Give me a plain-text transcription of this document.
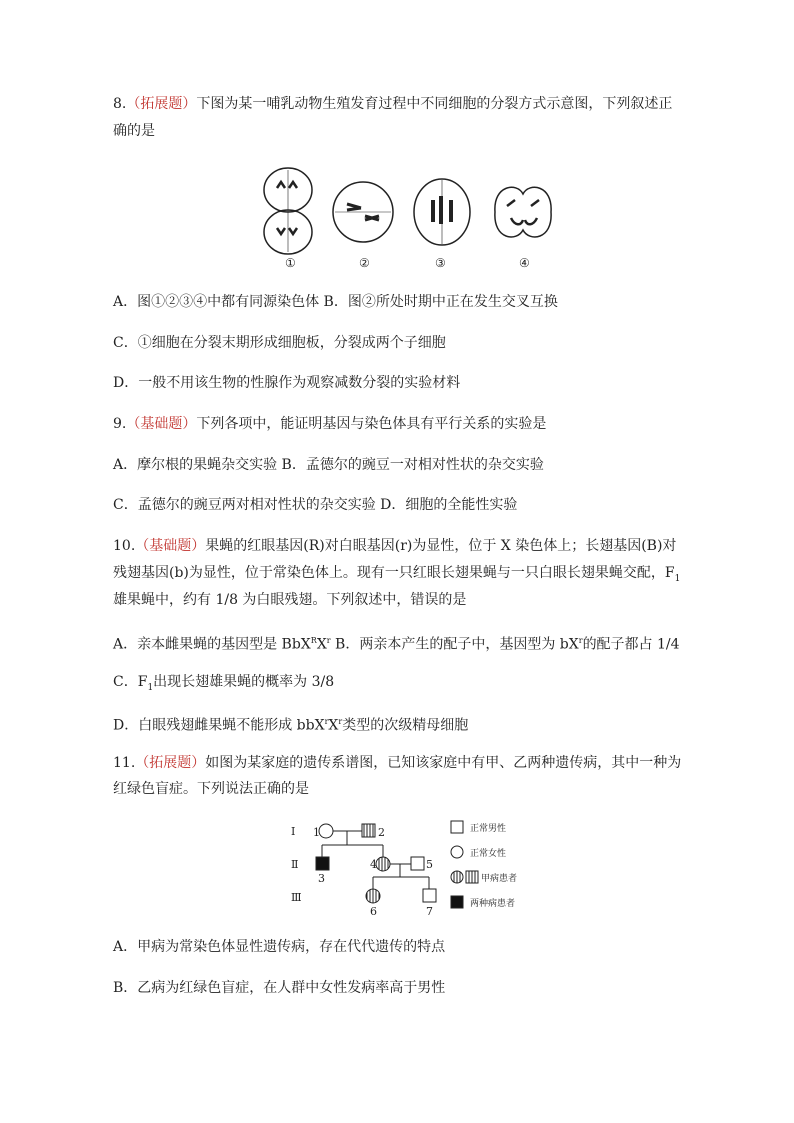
8.（拓展题）下图为某一哺乳动物生殖发育过程中不同细胞的分裂方式示意图，下列叙述正
确的是
①	②	③	④
A．图①②③④中都有同源染色体 B．图②所处时期中正在发生交叉互换
C．①细胞在分裂末期形成细胞板，分裂成两个子细胞
D．一般不用该生物的性腺作为观察减数分裂的实验材料
9.（基础题）下列各项中，能证明基因与染色体具有平行关系的实验是
A．摩尔根的果蝇杂交实验 B．孟德尔的豌豆一对相对性状的杂交实验
C．孟德尔的豌豆两对相对性状的杂交实验 D．细胞的全能性实验
10.（基础题）果蝇的红眼基因(R)对白眼基因(r)为显性，位于 X 染色体上；长翅基因(B)对
残翅基因(b)为显性，位于常染色体上。现有一只红眼长翅果蝇与一只白眼长翅果蝇交配，$F_1$
雄果蝇中，约有 1/8 为白眼残翅。下列叙述中，错误的是
A．亲本雌果蝇的基因型是 $BbX^RX^r$ B．两亲本产生的配子中，基因型为 $bX^r$的配子都占 1/4
C．$F_1$出现长翅雄果蝇的概率为 3/8
D．白眼残翅雌果蝇不能形成 $bbX^rX^r$类型的次级精母细胞
11.（拓展题）如图为某家庭的遗传系谱图，已知该家庭中有甲、乙两种遗传病，其中一种为
红绿色盲症。下列说法正确的是
Ⅰ
Ⅱ
Ⅲ
1	2
3
4	5
6	7
正常男性
正常女性
甲病患者
两种病患者
A．甲病为常染色体显性遗传病，存在代代遗传的特点
B．乙病为红绿色盲症，在人群中女性发病率高于男性
